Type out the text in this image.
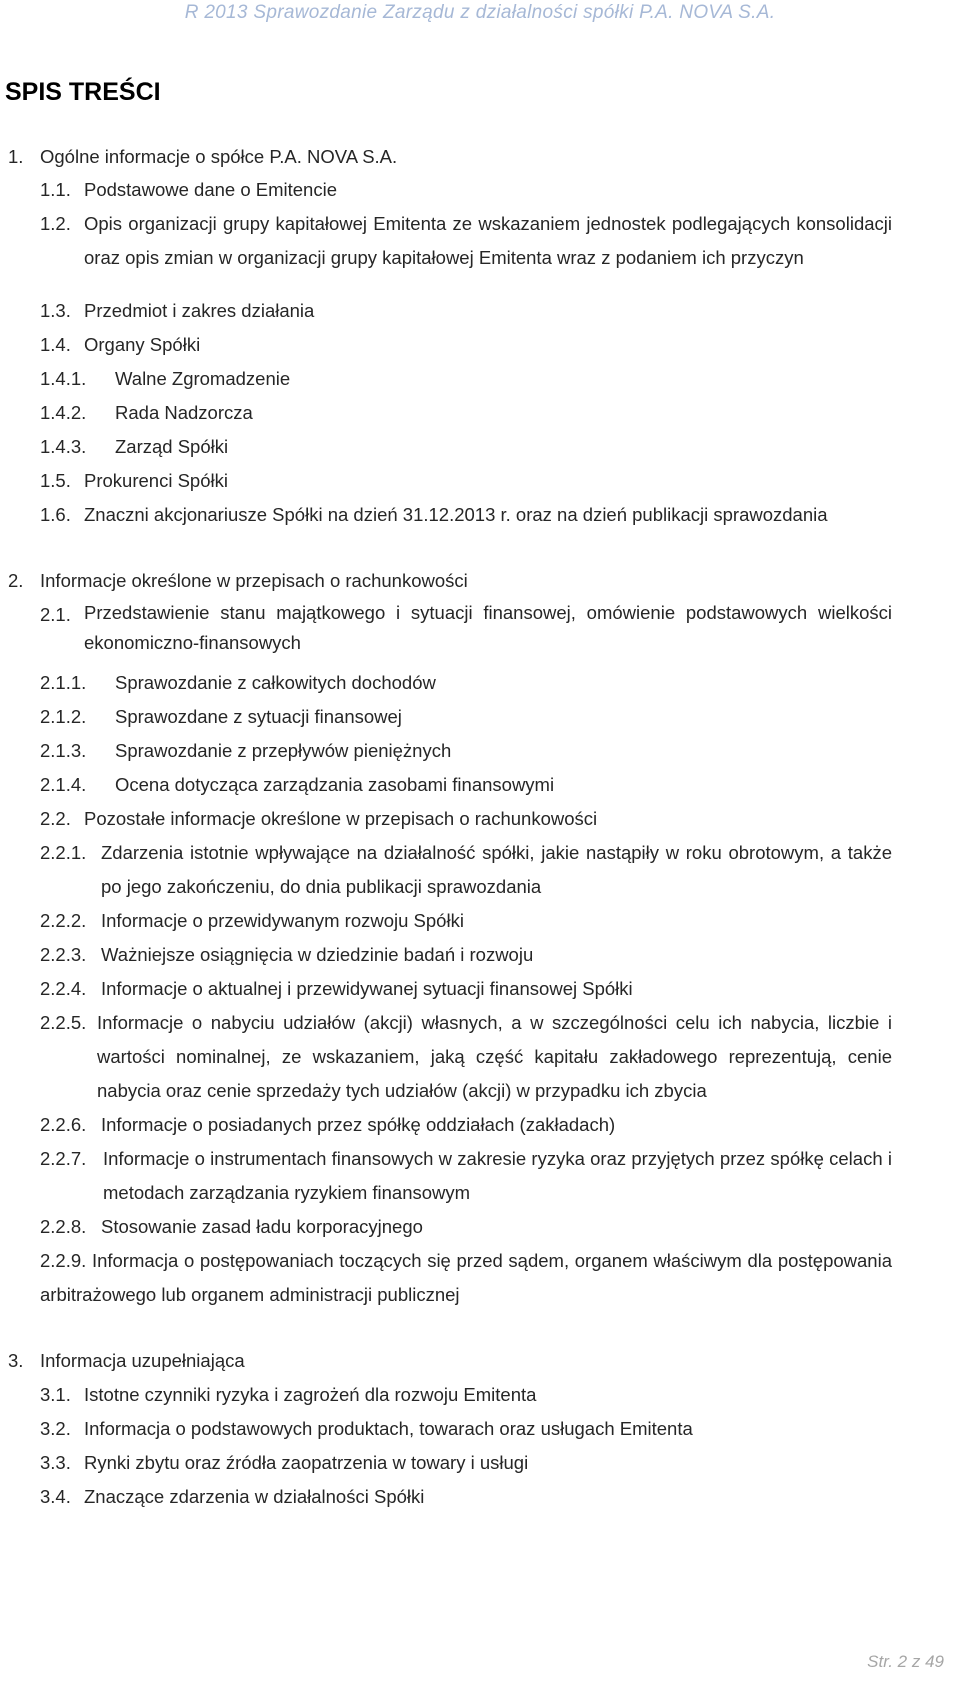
R 2013 Sprawozdanie Zarządu z działalności spółki P.A. NOVA S.A.
SPIS TREŚCI
1. Ogólne informacje o spółce P.A. NOVA S.A.
1.1. Podstawowe dane o Emitencie
1.2. Opis organizacji grupy kapitałowej Emitenta ze wskazaniem jednostek podlegających konsolidacji oraz opis zmian w organizacji grupy kapitałowej Emitenta wraz z podaniem ich przyczyn
1.3. Przedmiot i zakres działania
1.4. Organy Spółki
1.4.1. Walne Zgromadzenie
1.4.2. Rada Nadzorcza
1.4.3. Zarząd Spółki
1.5. Prokurenci Spółki
1.6. Znaczni akcjonariusze Spółki na dzień 31.12.2013 r. oraz na dzień publikacji sprawozdania
2. Informacje określone w przepisach o rachunkowości
2.1. Przedstawienie stanu majątkowego i sytuacji finansowej, omówienie podstawowych wielkości ekonomiczno-finansowych
2.1.1. Sprawozdanie z całkowitych dochodów
2.1.2. Sprawozdane z sytuacji finansowej
2.1.3. Sprawozdanie z przepływów pieniężnych
2.1.4. Ocena dotycząca zarządzania zasobami finansowymi
2.2. Pozostałe informacje określone w przepisach o rachunkowości
2.2.1. Zdarzenia istotnie wpływające na działalność spółki, jakie nastąpiły w roku obrotowym, a także po jego zakończeniu, do dnia publikacji sprawozdania
2.2.2. Informacje o przewidywanym rozwoju Spółki
2.2.3. Ważniejsze osiągnięcia w dziedzinie badań i rozwoju
2.2.4. Informacje o aktualnej i przewidywanej sytuacji finansowej Spółki
2.2.5. Informacje o nabyciu udziałów (akcji) własnych, a w szczególności celu ich nabycia, liczbie i wartości nominalnej, ze wskazaniem, jaką część kapitału zakładowego reprezentują, cenie nabycia oraz cenie sprzedaży tych udziałów (akcji) w przypadku ich zbycia
2.2.6. Informacje o posiadanych przez spółkę oddziałach (zakładach)
2.2.7. Informacje o instrumentach finansowych w zakresie ryzyka oraz przyjętych przez spółkę celach i metodach zarządzania ryzykiem finansowym
2.2.8. Stosowanie zasad ładu korporacyjnego
2.2.9. Informacja o postępowaniach toczących się przed sądem, organem właściwym dla postępowania arbitrażowego lub organem administracji publicznej
3. Informacja uzupełniająca
3.1. Istotne czynniki ryzyka i zagrożeń dla rozwoju Emitenta
3.2. Informacja o podstawowych produktach, towarach oraz usługach Emitenta
3.3. Rynki zbytu oraz źródła zaopatrzenia w towary i usługi
3.4. Znaczące zdarzenia w działalności Spółki
Str. 2 z 49
